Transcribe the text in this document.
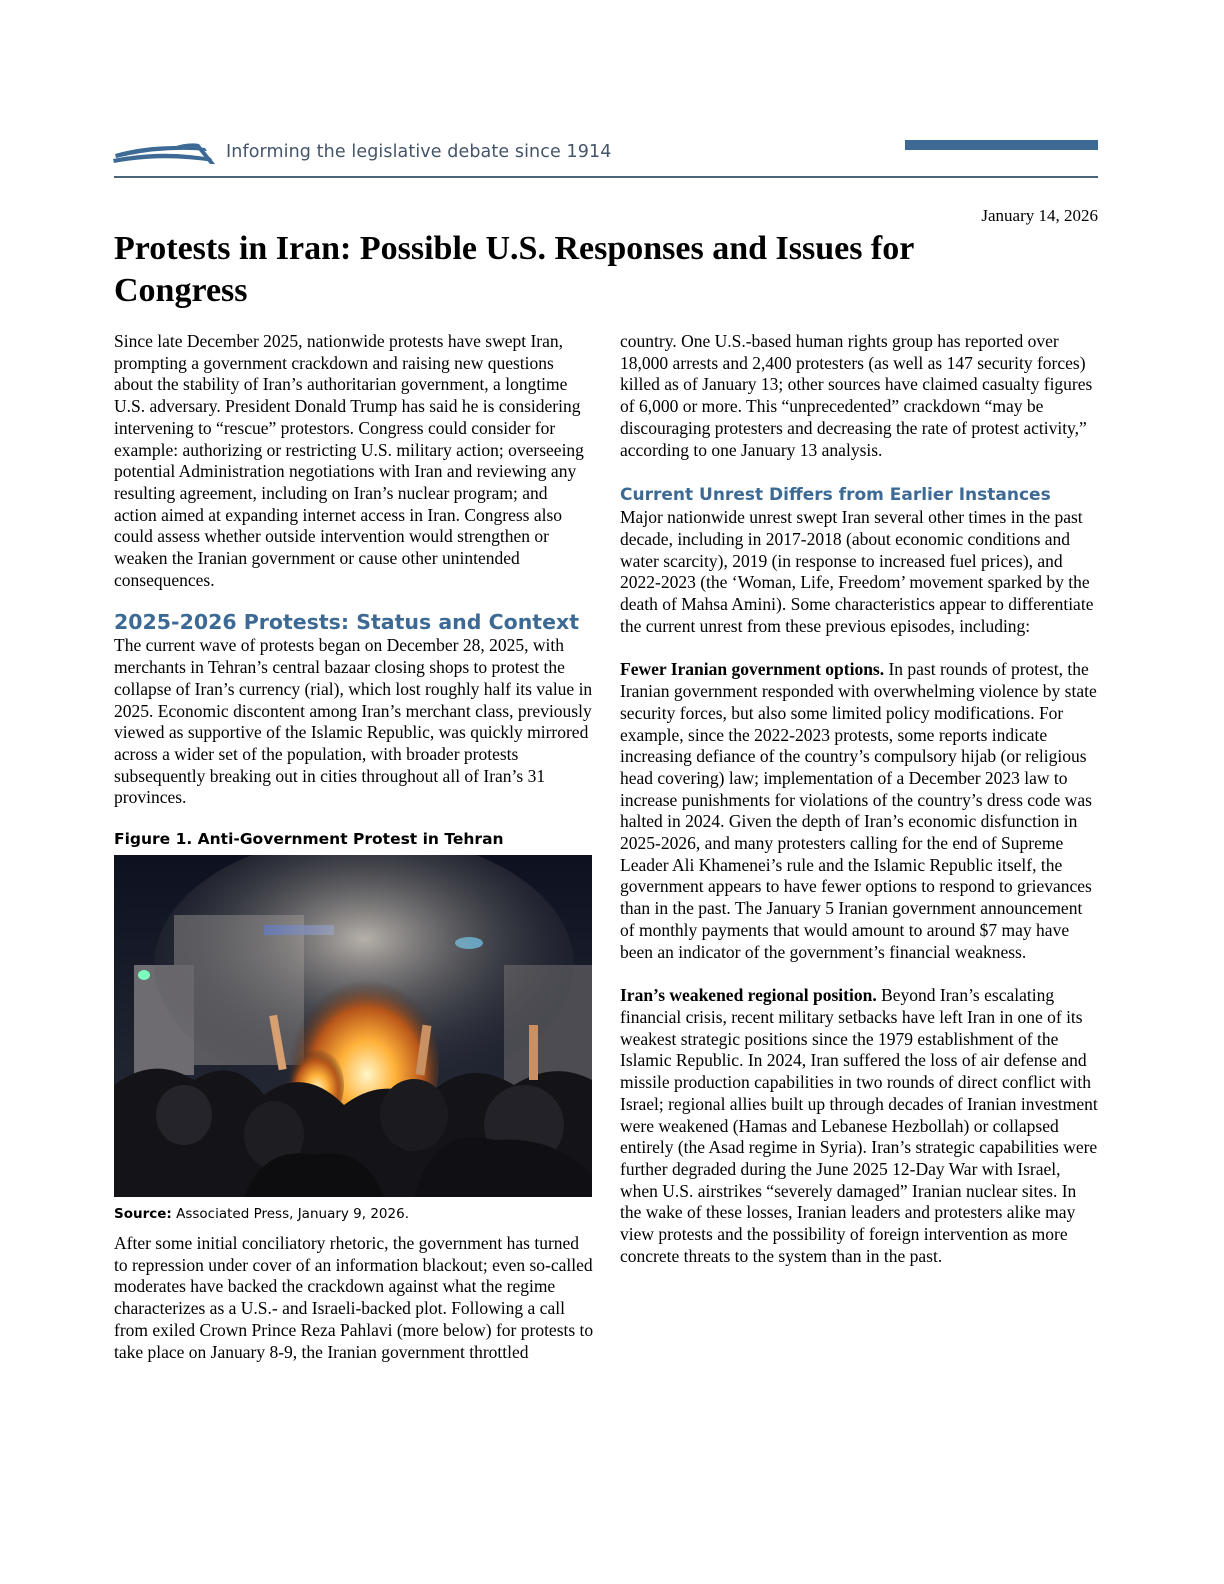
Informing the legislative debate since 1914
January 14, 2026
Protests in Iran: Possible U.S. Responses and Issues for Congress

Since late December 2025, nationwide protests have swept Iran, prompting a government crackdown and raising new questions about the stability of Iran’s authoritarian government, a longtime U.S. adversary. President Donald Trump has said he is considering intervening to “rescue” protestors. Congress could consider for example: authorizing or restricting U.S. military action; overseeing potential Administration negotiations with Iran and reviewing any resulting agreement, including on Iran’s nuclear program; and action aimed at expanding internet access in Iran. Congress also could assess whether outside intervention would strengthen or weaken the Iranian government or cause other unintended consequences.

2025-2026 Protests: Status and Context

The current wave of protests began on December 28, 2025, with merchants in Tehran’s central bazaar closing shops to protest the collapse of Iran’s currency (rial), which lost roughly half its value in 2025. Economic discontent among Iran’s merchant class, previously viewed as supportive of the Islamic Republic, was quickly mirrored across a wider set of the population, with broader protests subsequently breaking out in cities throughout all of Iran’s 31 provinces.

Figure 1. Anti-Government Protest in Tehran
Source: Associated Press, January 9, 2026.

After some initial conciliatory rhetoric, the government has turned to repression under cover of an information blackout; even so-called moderates have backed the crackdown against what the regime characterizes as a U.S.- and Israeli-backed plot. Following a call from exiled Crown Prince Reza Pahlavi (more below) for protests to take place on January 8-9, the Iranian government throttled

country. One U.S.-based human rights group has reported over 18,000 arrests and 2,400 protesters (as well as 147 security forces) killed as of January 13; other sources have claimed casualty figures of 6,000 or more. This “unprecedented” crackdown “may be discouraging protesters and decreasing the rate of protest activity,” according to one January 13 analysis.

Current Unrest Differs from Earlier Instances

Major nationwide unrest swept Iran several other times in the past decade, including in 2017-2018 (about economic conditions and water scarcity), 2019 (in response to increased fuel prices), and 2022-2023 (the ‘Woman, Life, Freedom’ movement sparked by the death of Mahsa Amini). Some characteristics appear to differentiate the current unrest from these previous episodes, including:

Fewer Iranian government options. In past rounds of protest, the Iranian government responded with overwhelming violence by state security forces, but also some limited policy modifications. For example, since the 2022-2023 protests, some reports indicate increasing defiance of the country’s compulsory hijab (or religious head covering) law; implementation of a December 2023 law to increase punishments for violations of the country’s dress code was halted in 2024. Given the depth of Iran’s economic disfunction in 2025-2026, and many protesters calling for the end of Supreme Leader Ali Khamenei’s rule and the Islamic Republic itself, the government appears to have fewer options to respond to grievances than in the past. The January 5 Iranian government announcement of monthly payments that would amount to around $7 may have been an indicator of the government’s financial weakness.

Iran’s weakened regional position. Beyond Iran’s escalating financial crisis, recent military setbacks have left Iran in one of its weakest strategic positions since the 1979 establishment of the Islamic Republic. In 2024, Iran suffered the loss of air defense and missile production capabilities in two rounds of direct conflict with Israel; regional allies built up through decades of Iranian investment were weakened (Hamas and Lebanese Hezbollah) or collapsed entirely (the Asad regime in Syria). Iran’s strategic capabilities were further degraded during the June 2025 12-Day War with Israel, when U.S. airstrikes “severely damaged” Iranian nuclear sites. In the wake of these losses, Iranian leaders and protesters alike may view protests and the possibility of foreign intervention as more concrete threats to the system than in the past.
